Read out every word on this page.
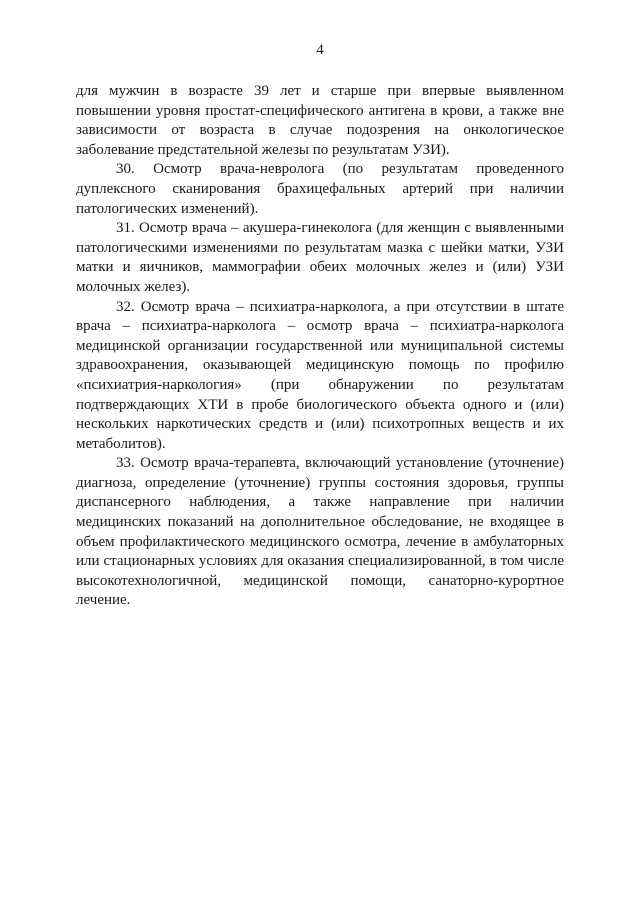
4

для мужчин в возрасте 39 лет и старше при впервые выявленном повышении уровня простат-специфического антигена в крови, а также вне зависимости от возраста в случае подозрения на онкологическое заболевание предстательной железы по результатам УЗИ).

30. Осмотр врача-невролога (по результатам проведенного дуплексного сканирования брахицефальных артерий при наличии патологических изменений).

31. Осмотр врача – акушера-гинеколога (для женщин с выявленными патологическими изменениями по результатам мазка с шейки матки, УЗИ матки и яичников, маммографии обеих молочных желез и (или) УЗИ молочных желез).

32. Осмотр врача – психиатра-нарколога, а при отсутствии в штате врача – психиатра-нарколога – осмотр врача – психиатра-нарколога медицинской организации государственной или муниципальной системы здравоохранения, оказывающей медицинскую помощь по профилю «психиатрия-наркология» (при обнаружении по результатам подтверждающих ХТИ в пробе биологического объекта одного и (или) нескольких наркотических средств и (или) психотропных веществ и их метаболитов).

33. Осмотр врача-терапевта, включающий установление (уточнение) диагноза, определение (уточнение) группы состояния здоровья, группы диспансерного наблюдения, а также направление при наличии медицинских показаний на дополнительное обследование, не входящее в объем профилактического медицинского осмотра, лечение в амбулаторных или стационарных условиях для оказания специализированной, в том числе высокотехнологичной, медицинской помощи, санаторно-курортное лечение.
